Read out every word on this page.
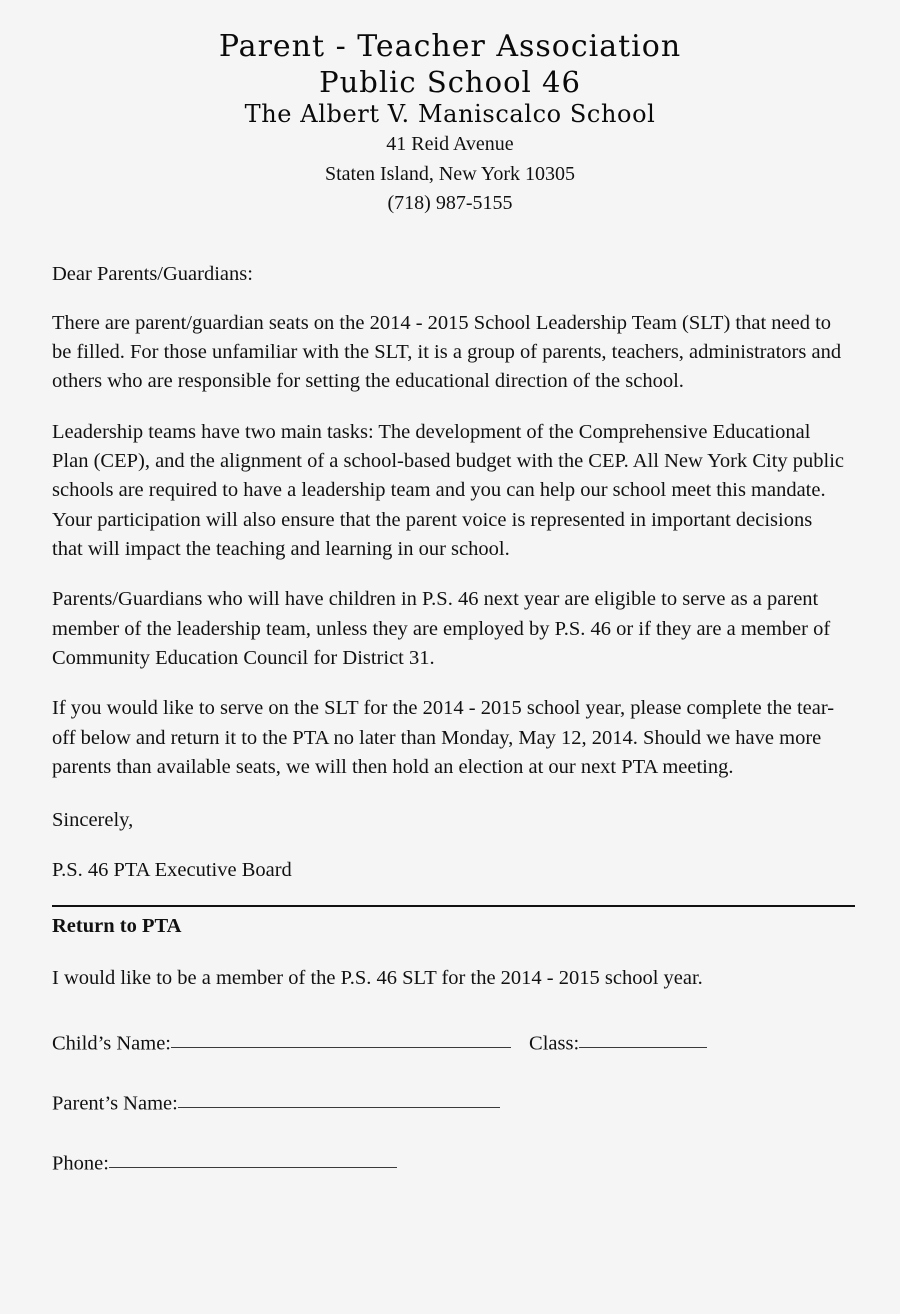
Parent - Teacher Association
Public School 46
The Albert V. Maniscalco School
41 Reid Avenue
Staten Island, New York 10305
(718) 987-5155

Dear Parents/Guardians:

There are parent/guardian seats on the 2014 - 2015 School Leadership Team (SLT) that need to be filled. For those unfamiliar with the SLT, it is a group of parents, teachers, administrators and others who are responsible for setting the educational direction of the school.

Leadership teams have two main tasks: The development of the Comprehensive Educational Plan (CEP), and the alignment of a school-based budget with the CEP. All New York City public schools are required to have a leadership team and you can help our school meet this mandate. Your participation will also ensure that the parent voice is represented in important decisions that will impact the teaching and learning in our school.

Parents/Guardians who will have children in P.S. 46 next year are eligible to serve as a parent member of the leadership team, unless they are employed by P.S. 46 or if they are a member of Community Education Council for District 31.

If you would like to serve on the SLT for the 2014 - 2015 school year, please complete the tear-off below and return it to the PTA no later than Monday, May 12, 2014. Should we have more parents than available seats, we will then hold an election at our next PTA meeting.

Sincerely,

P.S. 46 PTA Executive Board

Return to PTA

I would like to be a member of the P.S. 46 SLT for the 2014 - 2015 school year.

Child’s Name:	Class:
Parent’s Name:
Phone:
